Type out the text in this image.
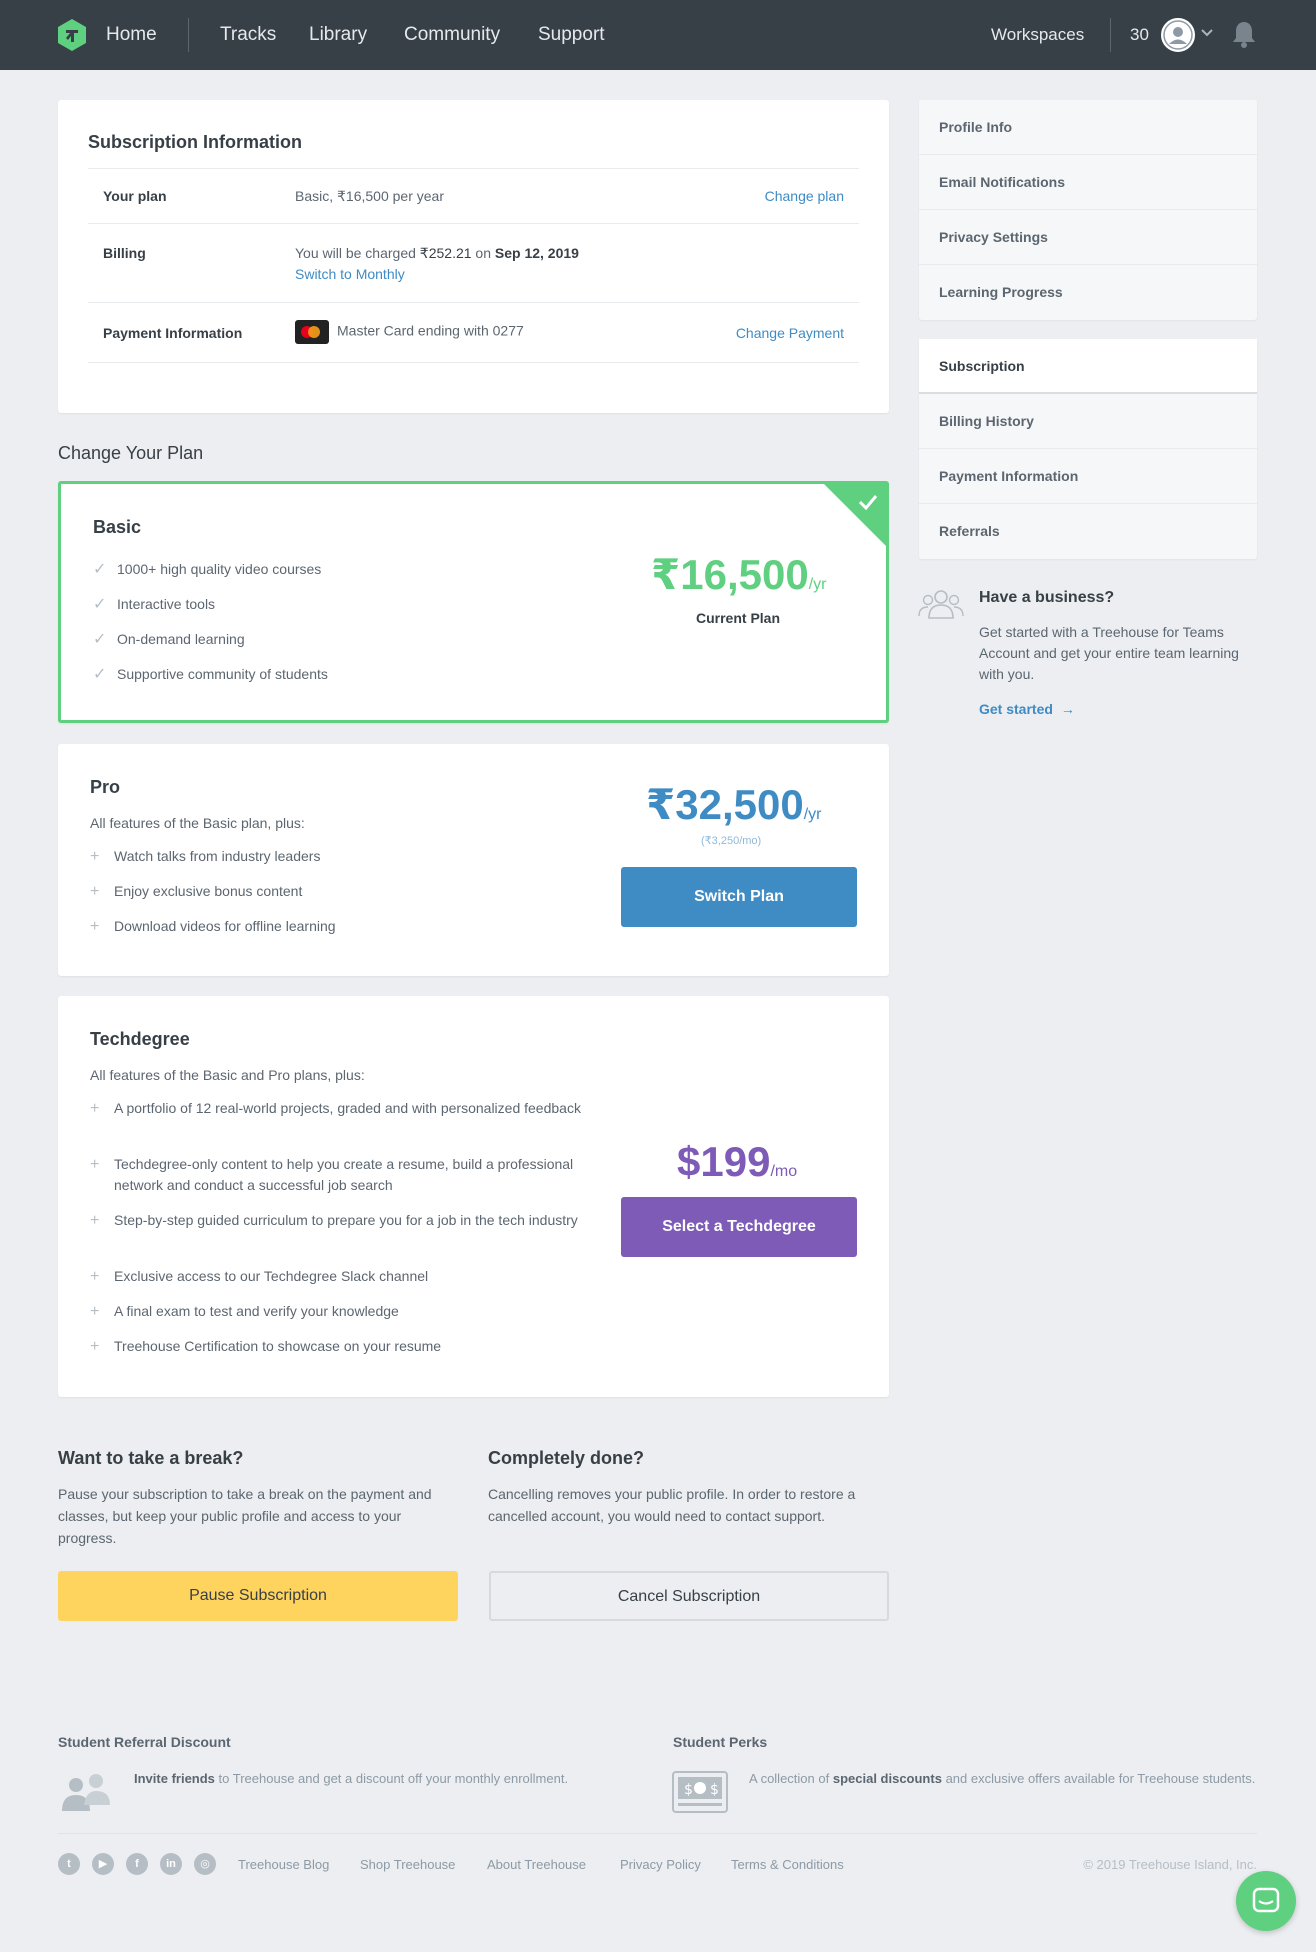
Home	Tracks Library Community Support	Workspaces	30
Subscription Information
Your plan	Basic, ₹16,500 per year	Change plan
Billing	You will be charged ₹252.21 on Sep 12, 2019
Switch to Monthly
Payment Information	Master Card ending with 0277	Change Payment
Change Your Plan
Basic
✓ 1000+ high quality video courses
✓ Interactive tools
✓ On-demand learning
✓ Supportive community of students
₹16,500/yr
Current Plan
Pro
All features of the Basic plan, plus:
+	Watch talks from industry leaders
+	Enjoy exclusive bonus content
+	Download videos for offline learning
₹32,500/yr
(₹3,250/mo)
Switch Plan
Techdegree
All features of the Basic and Pro plans, plus:
+	A portfolio of 12 real-world projects, graded and with personalized feedback
+	Techdegree-only content to help you create a resume, build a professional network and conduct a successful job search
+	Step-by-step guided curriculum to prepare you for a job in the tech industry
+	Exclusive access to our Techdegree Slack channel
+	A final exam to test and verify your knowledge
+	Treehouse Certification to showcase on your resume
$199/mo
Select a Techdegree
Want to take a break?
Pause your subscription to take a break on the payment and classes, but keep your public profile and access to your progress.
Pause Subscription
Completely done?
Cancelling removes your public profile. In order to restore a cancelled account, you would need to contact support.
Cancel Subscription
Profile Info
Email Notifications
Privacy Settings
Learning Progress
Subscription
Billing History
Payment Information
Referrals
Have a business?
Get started with a Treehouse for Teams Account and get your entire team learning with you.
Get started →
Student Referral Discount
Invite friends to Treehouse and get a discount off your monthly enrollment.
Student Perks
$ $
A collection of special discounts and exclusive offers available for Treehouse students.
t	▶	f	in	◎	Treehouse Blog Shop Treehouse About Treehouse	Privacy Policy Terms & Conditions	© 2019 Treehouse Island, Inc.
